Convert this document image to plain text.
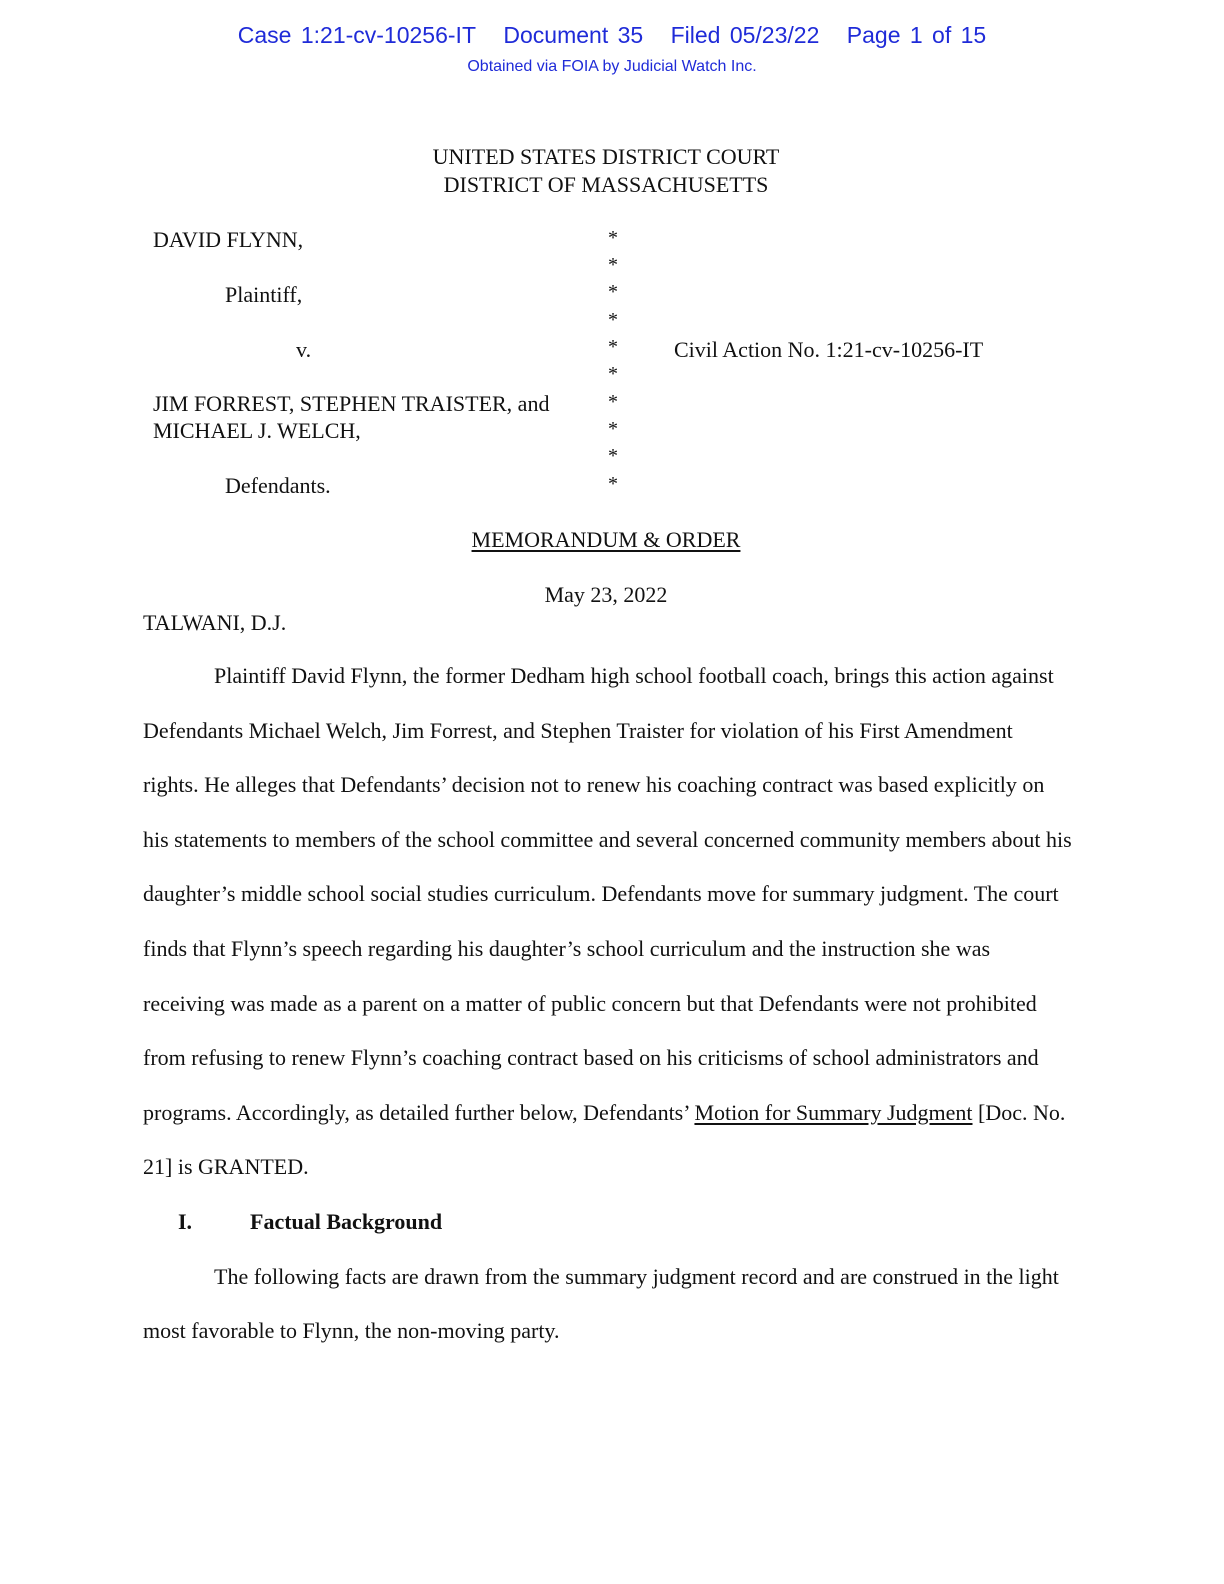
Case 1:21-cv-10256-IT Document 35 Filed 05/23/22 Page 1 of 15
Obtained via FOIA by Judicial Watch Inc.
UNITED STATES DISTRICT COURT
DISTRICT OF MASSACHUSETTS
DAVID FLYNN,
Plaintiff,
v.
JIM FORREST, STEPHEN TRAISTER, and
MICHAEL J. WELCH,
Defendants.
Civil Action No. 1:21-cv-10256-IT
*
*
*
*
*
*
*
*
*
*
MEMORANDUM & ORDER
May 23, 2022
TALWANI, D.J.

Plaintiff David Flynn, the former Dedham high school football coach, brings this action against Defendants Michael Welch, Jim Forrest, and Stephen Traister for violation of his First Amendment rights. He alleges that Defendants’ decision not to renew his coaching contract was based explicitly on his statements to members of the school committee and several concerned community members about his daughter’s middle school social studies curriculum. Defendants move for summary judgment. The court finds that Flynn’s speech regarding his daughter’s school curriculum and the instruction she was receiving was made as a parent on a matter of public concern but that Defendants were not prohibited from refusing to renew Flynn’s coaching contract based on his criticisms of school administrators and programs. Accordingly, as detailed further below, Defendants’ Motion for Summary Judgment [Doc. No. 21] is GRANTED.

I.	Factual Background

The following facts are drawn from the summary judgment record and are construed in the light most favorable to Flynn, the non-moving party.
